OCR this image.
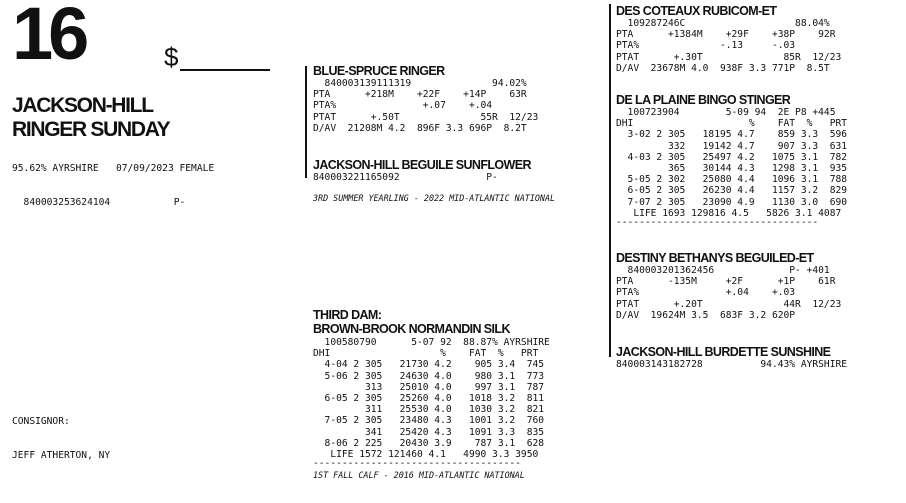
16	$
JACKSON-HILL
RINGER SUNDAY

95.62% AYRSHIRE   07/09/2023 FEMALE

840003253624104           P-

CONSIGNOR:

JEFF ATHERTON, NY

BLUE-SPRUCE RINGER
840003139111319              94.02%
PTA      +218M    +22F    +14P    63R
PTA%               +.07    +.04
PTAT      +.50T              55R  12/23
D/AV  21208M 4.2  896F 3.3 696P  8.2T
JACKSON-HILL BEGUILE SUNFLOWER
840003221165092               P-
3RD SUMMER YEARLING - 2022 MID-ATLANTIC NATIONAL
THIRD DAM:
BROWN-BROOK NORMANDIN SILK
100580790      5-07 92  88.87% AYRSHIRE
DHI                   %    FAT  %   PRT
4-04 2 305   21730 4.2    905 3.4  745
5-06 2 305   24630 4.0    980 3.1  773
313   25010 4.0    997 3.1  787
6-05 2 305   25260 4.0   1018 3.2  811
311   25530 4.0   1030 3.2  821
7-05 2 305   23480 4.3   1001 3.2  760
341   25420 4.3   1091 3.3  835
8-06 2 225   20430 3.9    787 3.1  628
LIFE 1572 121460 4.1   4990 3.3 3950
------------------------------------
1ST FALL CALF - 2016 MID-ATLANTIC NATIONAL
DES COTEAUX RUBICOM-ET
109287246C                   88.04%
PTA      +1384M    +29F    +38P    92R
PTA%              -.13     -.03
PTAT      +.30T              85R  12/23
D/AV  23678M 4.0  938F 3.3 771P  8.5T
DE LA PLAINE BINGO STINGER
100723904        5-09 94  2E P8 +445
DHI                    %    FAT  %   PRT
3-02 2 305   18195 4.7    859 3.3  596
332   19142 4.7    907 3.3  631
4-03 2 305   25497 4.2   1075 3.1  782
365   30144 4.3   1298 3.1  935
5-05 2 302   25080 4.4   1096 3.1  788
6-05 2 305   26230 4.4   1157 3.2  829
7-07 2 305   23090 4.9   1130 3.0  690
LIFE 1693 129816 4.5   5826 3.1 4087
-----------------------------------
DESTINY BETHANYS BEGUILED-ET
840003201362456             P- +401
PTA      -135M     +2F      +1P    61R
PTA%               +.04    +.03
PTAT      +.20T              44R  12/23
D/AV  19624M 3.5  683F 3.2 620P
JACKSON-HILL BURDETTE SUNSHINE
840003143182728          94.43% AYRSHIRE
